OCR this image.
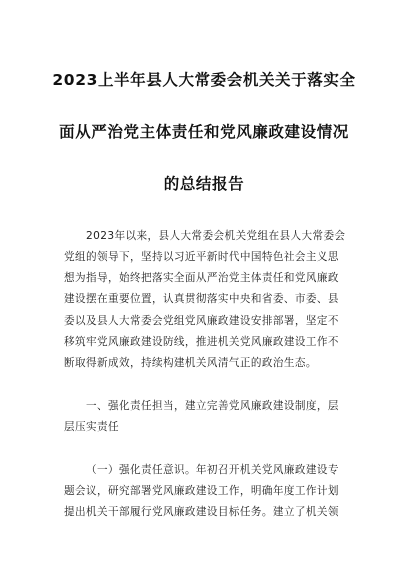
2023上半年县人大常委会机关关于落实全
面从严治党主体责任和党风廉政建设情况
的总结报告
2023年以来，县人大常委会机关党组在县人大常委会
党组的领导下，坚持以习近平新时代中国特色社会主义思
想为指导，始终把落实全面从严治党主体责任和党风廉政
建设摆在重要位置，认真贯彻落实中央和省委、市委、县
委以及县人大常委会党组党风廉政建设安排部署，坚定不
移筑牢党风廉政建设防线，推进机关党风廉政建设工作不
断取得新成效，持续构建机关风清气正的政治生态。
一、强化责任担当，建立完善党风廉政建设制度，层
层压实责任
（一）强化责任意识。年初召开机关党风廉政建设专
题会议，研究部署党风廉政建设工作，明确年度工作计划
提出机关干部履行党风廉政建设目标任务。建立了机关领
